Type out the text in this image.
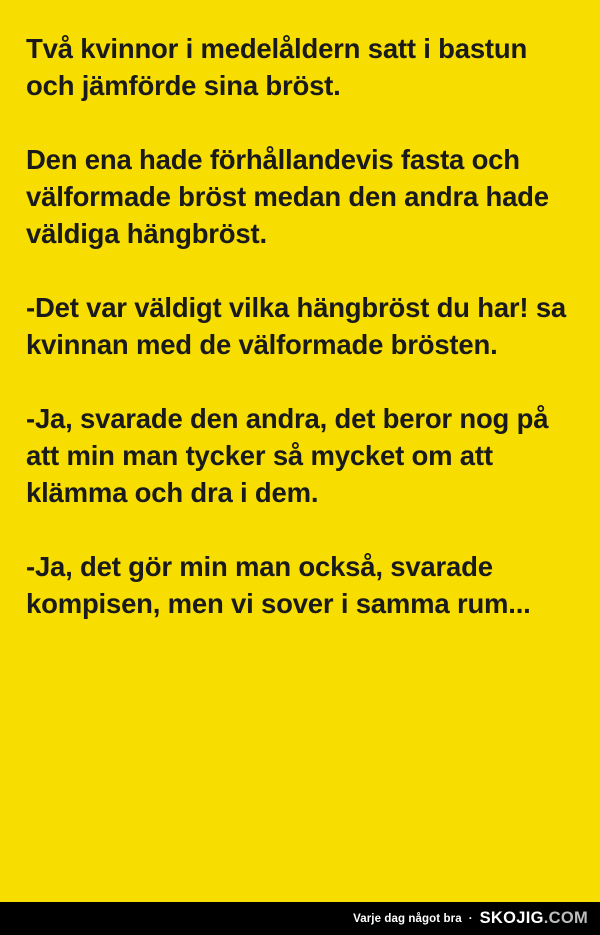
Två kvinnor i medelåldern satt i bastun och jämförde sina bröst.

Den ena hade förhållandevis fasta och välformade bröst medan den andra hade väldiga hängbröst.

-Det var väldigt vilka hängbröst du har! sa kvinnan med de välformade brösten.

-Ja, svarade den andra, det beror nog på att min man tycker så mycket om att klämma och dra i dem.

-Ja, det gör min man också, svarade kompisen, men vi sover i samma rum...

Varje dag något bra · SKOJIG .COM
